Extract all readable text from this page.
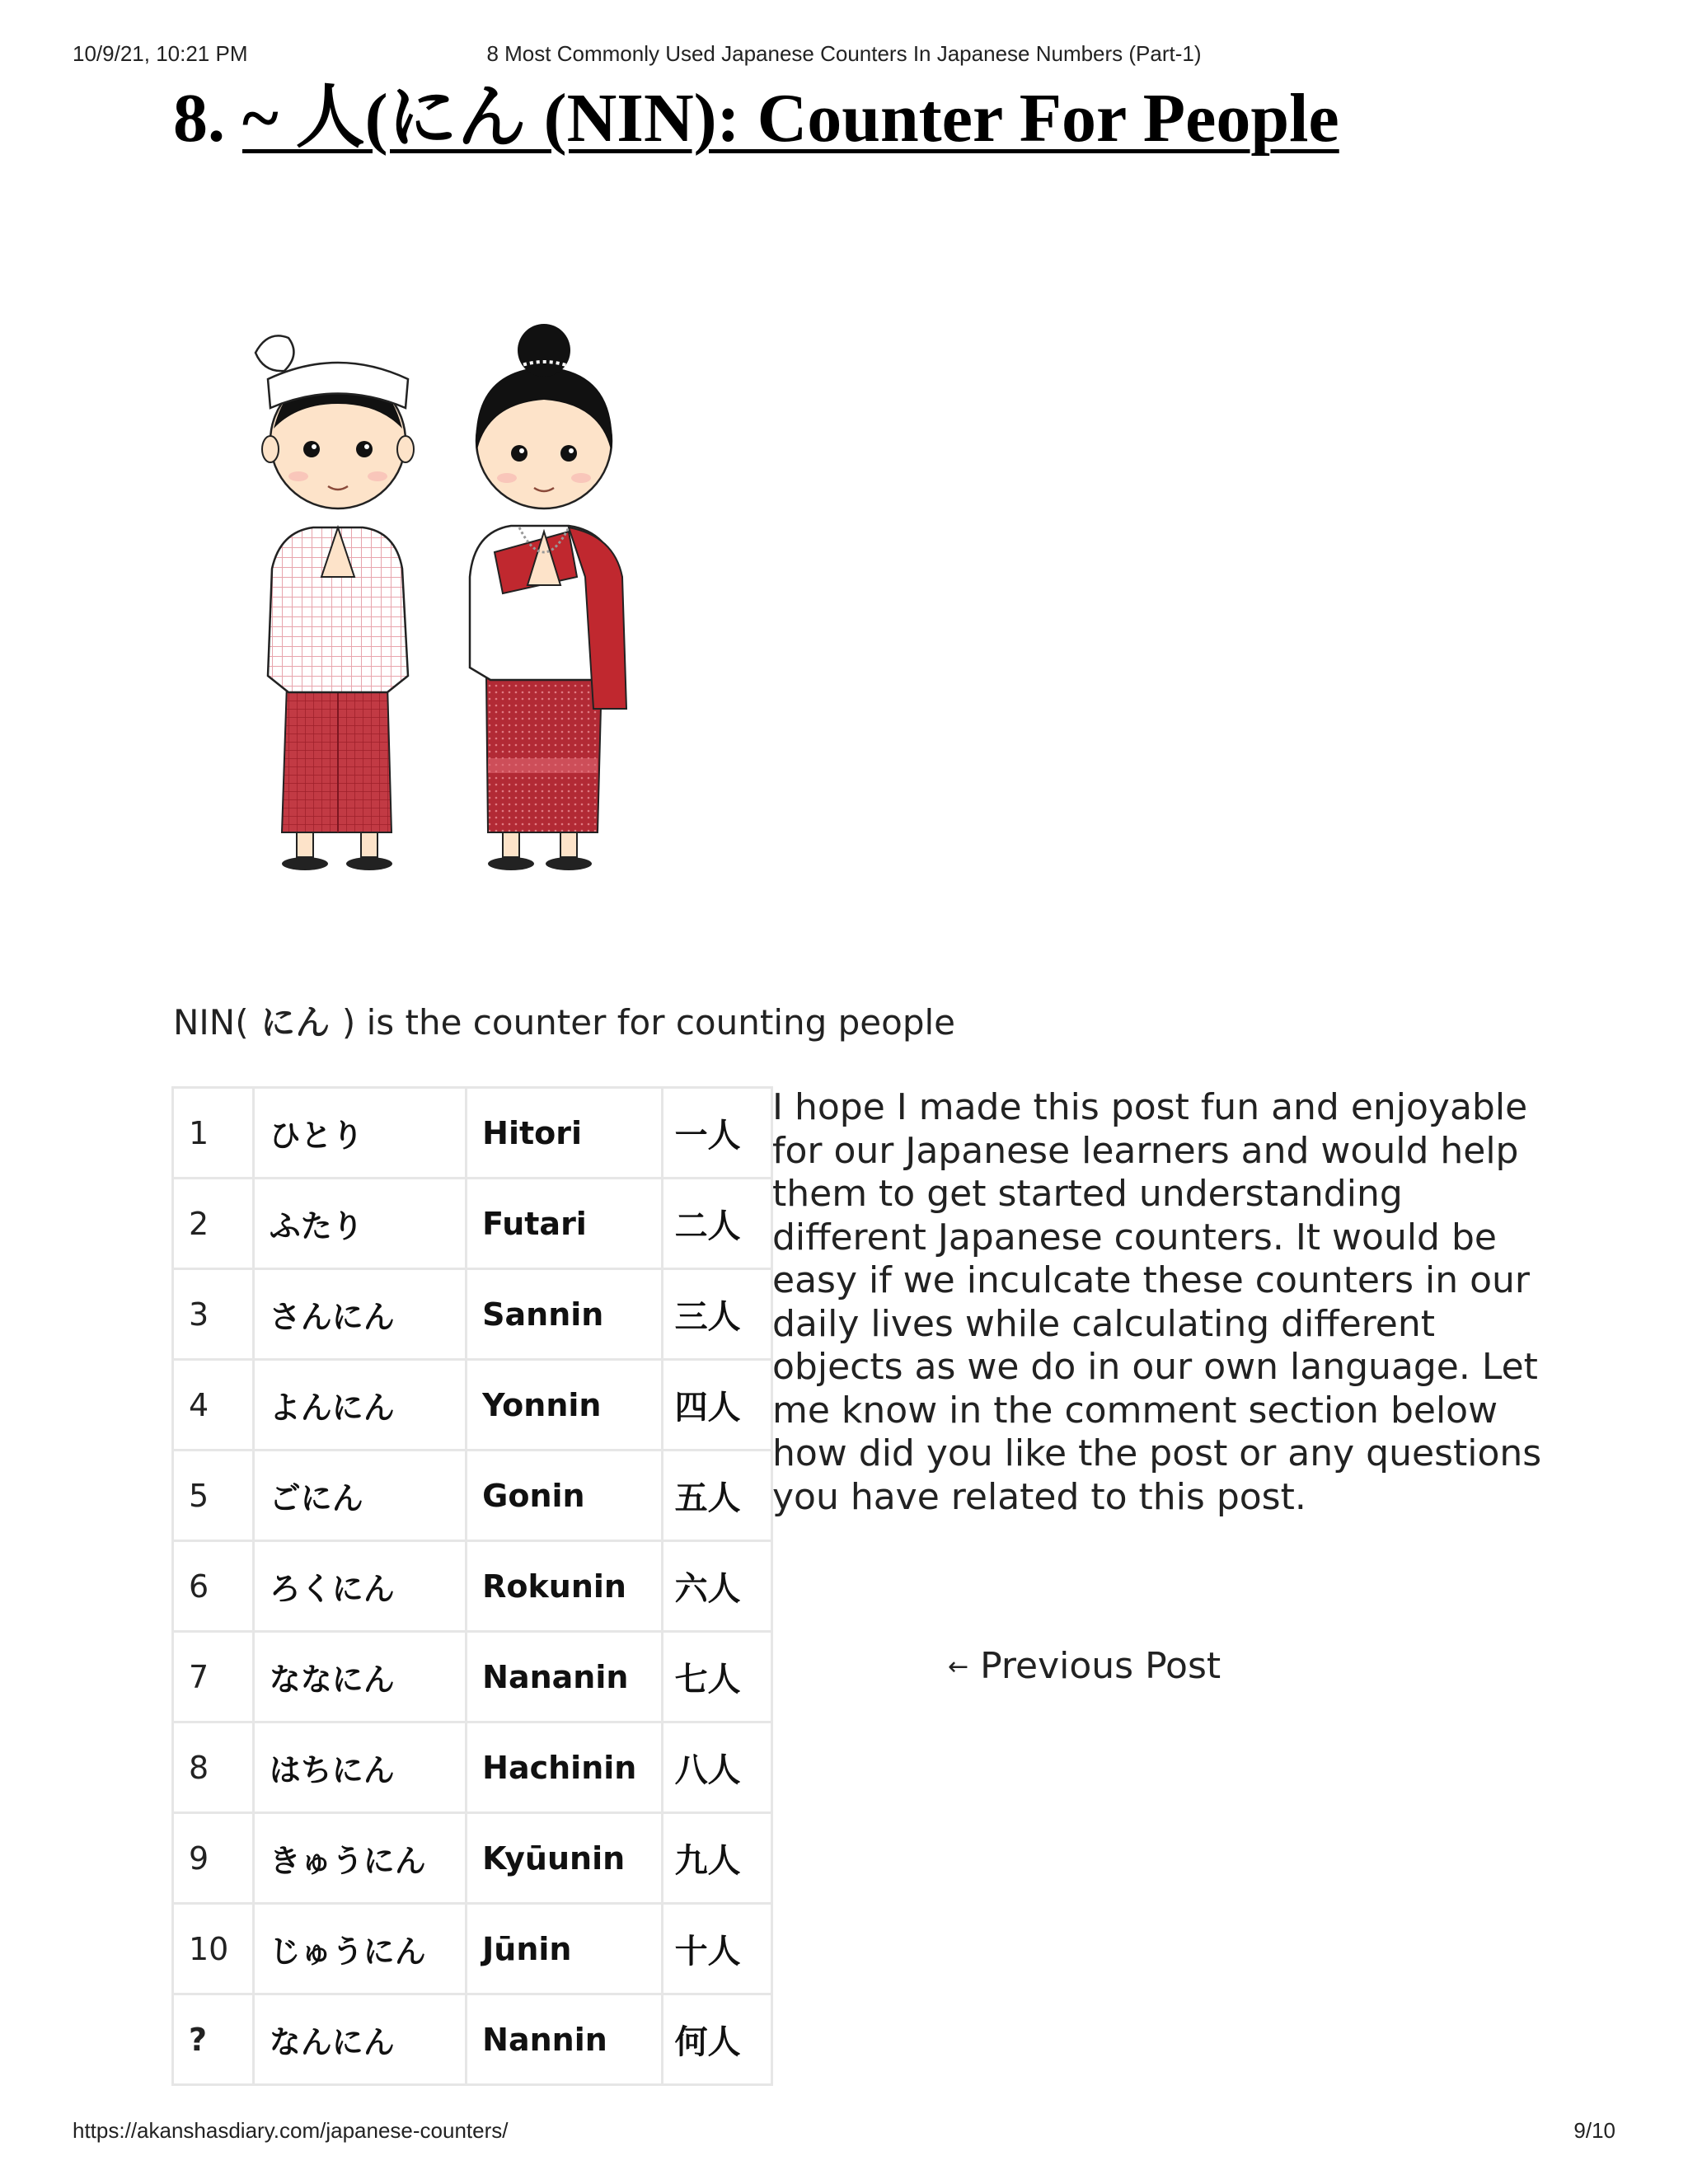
10/9/21, 10:21 PM	8 Most Commonly Used Japanese Counters In Japanese Numbers (Part-1)
8. ~ 人(にん (NIN): Counter For People
NIN( にん ) is the counter for counting people
1	ひとり	Hitori	一人
2	ふたり	Futari	二人
3	さんにん	Sannin	三人
4	よんにん	Yonnin	四人
5	ごにん	Gonin	五人
6	ろくにん	Rokunin	六人
7	ななにん	Nananin	七人
8	はちにん	Hachinin	八人
9	きゅうにん	Kyūunin	九人
10	じゅうにん	Jūnin	十人
?	なんにん	Nannin	何人

I hope I made this post fun and enjoyable for our Japanese learners and would help them to get started understanding different Japanese counters. It would be easy if we inculcate these counters in our daily lives while calculating different objects as we do in our own language. Let me know in the comment section below how did you like the post or any questions you have related to this post.

← Previous Post
https://akanshasdiary.com/japanese-counters/	9/10
